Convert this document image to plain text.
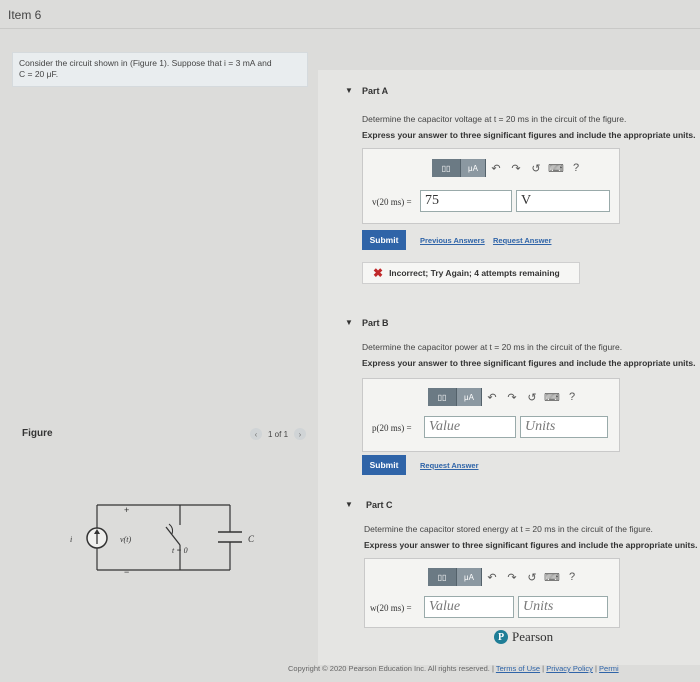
Item 6
Consider the circuit shown in (Figure 1). Suppose that i = 3 mA and
C = 20 μF.
Figure	‹	1 of 1	›
i	v(t)
+
−
t = 0
C
▼ Part A
Determine the capacitor voltage at t = 20 ms in the circuit of the figure.
Express your answer to three significant figures and include the appropriate units.
▯▯	μA	↶ ↷ ↺ ⌨ ?
v(20 ms) = 75	V
Submit	Previous Answers Request Answer
✖ Incorrect; Try Again; 4 attempts remaining
▼ Part B
Determine the capacitor power at t = 20 ms in the circuit of the figure.
Express your answer to three significant figures and include the appropriate units.
▯▯	μA	↶ ↷ ↺ ⌨ ?
p(20 ms) =	Value	Units
Submit	Request Answer
▼ Part C
Determine the capacitor stored energy at t = 20 ms in the circuit of the figure.
Express your answer to three significant figures and include the appropriate units.
▯▯	μA	↶ ↷ ↺ ⌨ ?
w(20 ms) =	Value	Units
P Pearson
Copyright © 2020 Pearson Education Inc. All rights reserved. | Terms of Use | Privacy Policy | Permi
